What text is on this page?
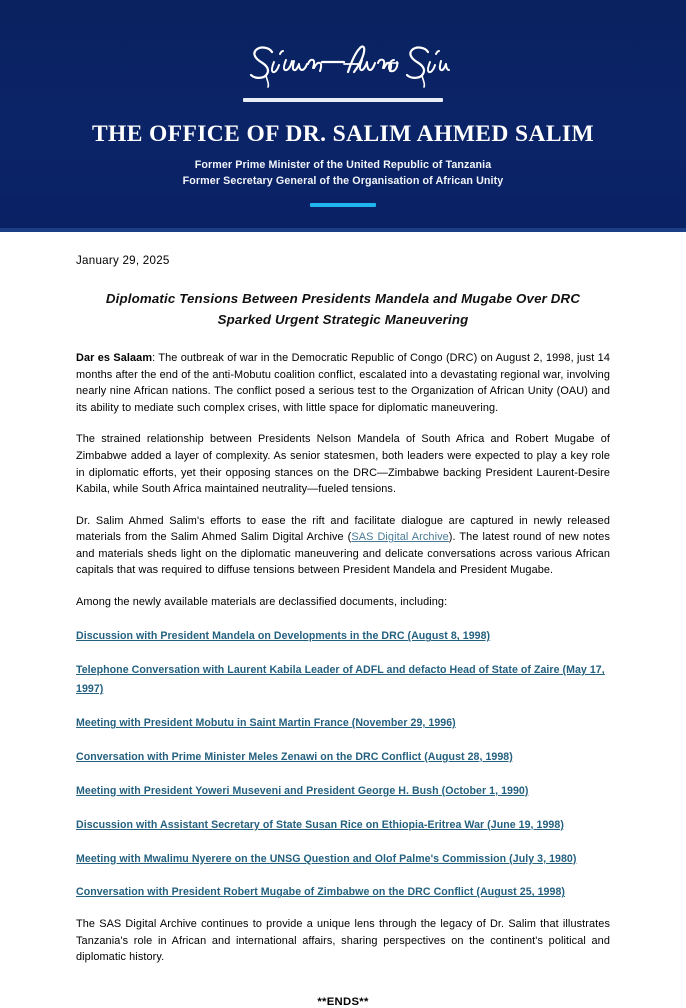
THE OFFICE OF DR. SALIM AHMED SALIM
Former Prime Minister of the United Republic of Tanzania
Former Secretary General of the Organisation of African Unity
January 29, 2025
Diplomatic Tensions Between Presidents Mandela and Mugabe Over DRC Sparked Urgent Strategic Maneuvering

Dar es Salaam: The outbreak of war in the Democratic Republic of Congo (DRC) on August 2, 1998, just 14 months after the end of the anti-Mobutu coalition conflict, escalated into a devastating regional war, involving nearly nine African nations. The conflict posed a serious test to the Organization of African Unity (OAU) and its ability to mediate such complex crises, with little space for diplomatic maneuvering.

The strained relationship between Presidents Nelson Mandela of South Africa and Robert Mugabe of Zimbabwe added a layer of complexity. As senior statesmen, both leaders were expected to play a key role in diplomatic efforts, yet their opposing stances on the DRC—Zimbabwe backing President Laurent-Desire Kabila, while South Africa maintained neutrality—fueled tensions.

Dr. Salim Ahmed Salim's efforts to ease the rift and facilitate dialogue are captured in newly released materials from the Salim Ahmed Salim Digital Archive (SAS Digital Archive). The latest round of new notes and materials sheds light on the diplomatic maneuvering and delicate conversations across various African capitals that was required to diffuse tensions between President Mandela and President Mugabe.

Among the newly available materials are declassified documents, including:

Discussion with President Mandela on Developments in the DRC (August 8, 1998)
Telephone Conversation with Laurent Kabila Leader of ADFL and defacto Head of State of Zaire (May 17, 1997)
Meeting with President Mobutu in Saint Martin France (November 29, 1996)
Conversation with Prime Minister Meles Zenawi on the DRC Conflict (August 28, 1998)
Meeting with President Yoweri Museveni and President George H. Bush (October 1, 1990)
Discussion with Assistant Secretary of State Susan Rice on Ethiopia-Eritrea War (June 19, 1998)
Meeting with Mwalimu Nyerere on the UNSG Question and Olof Palme's Commission (July 3, 1980)
Conversation with President Robert Mugabe of Zimbabwe on the DRC Conflict (August 25, 1998)

The SAS Digital Archive continues to provide a unique lens through the legacy of Dr. Salim that illustrates Tanzania's role in African and international affairs, sharing perspectives on the continent's political and diplomatic history.

**ENDS**
